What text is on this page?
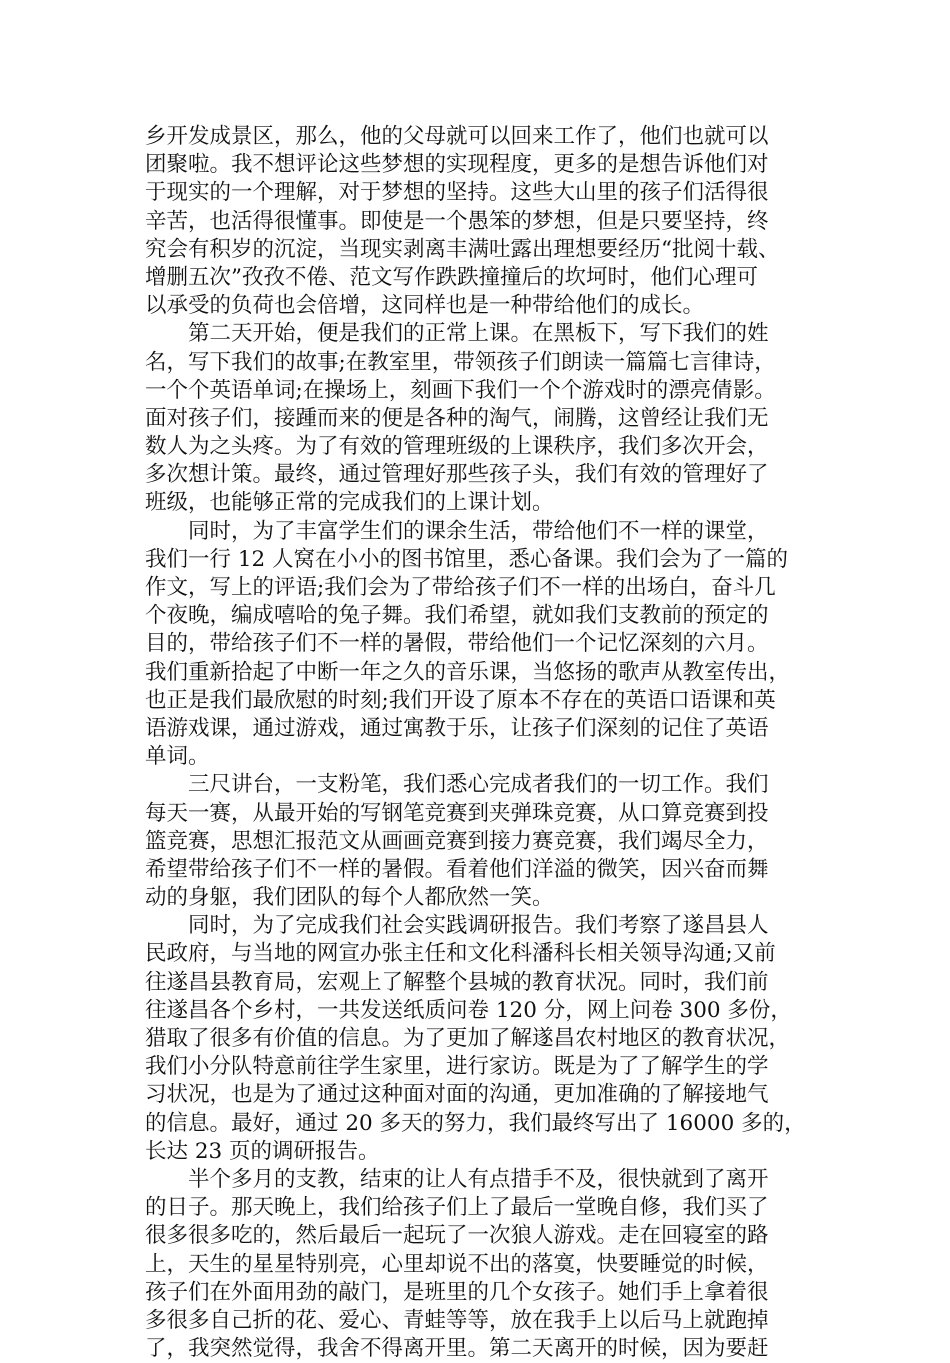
乡开发成景区，那么，他的父母就可以回来工作了，他们也就可以
团聚啦。我不想评论这些梦想的实现程度，更多的是想告诉他们对
于现实的一个理解，对于梦想的坚持。这些大山里的孩子们活得很
辛苦，也活得很懂事。即使是一个愚笨的梦想，但是只要坚持，终
究会有积岁的沉淀，当现实剥离丰满吐露出理想要经历“批阅十载、
增删五次”孜孜不倦、范文写作跌跌撞撞后的坎坷时，他们心理可
以承受的负荷也会倍增，这同样也是一种带给他们的成长。
　　第二天开始，便是我们的正常上课。在黑板下，写下我们的姓
名，写下我们的故事;在教室里，带领孩子们朗读一篇篇七言律诗，
一个个英语单词;在操场上，刻画下我们一个个游戏时的漂亮倩影。
面对孩子们，接踵而来的便是各种的淘气，闹腾，这曾经让我们无
数人为之头疼。为了有效的管理班级的上课秩序，我们多次开会，
多次想计策。最终，通过管理好那些孩子头，我们有效的管理好了
班级，也能够正常的完成我们的上课计划。
　　同时，为了丰富学生们的课余生活，带给他们不一样的课堂，
我们一行 12 人窝在小小的图书馆里，悉心备课。我们会为了一篇的
作文，写上的评语;我们会为了带给孩子们不一样的出场白，奋斗几
个夜晚，编成嘻哈的兔子舞。我们希望，就如我们支教前的预定的
目的，带给孩子们不一样的暑假，带给他们一个记忆深刻的六月。
我们重新拾起了中断一年之久的音乐课，当悠扬的歌声从教室传出，
也正是我们最欣慰的时刻;我们开设了原本不存在的英语口语课和英
语游戏课，通过游戏，通过寓教于乐，让孩子们深刻的记住了英语
单词。
　　三尺讲台，一支粉笔，我们悉心完成者我们的一切工作。我们
每天一赛，从最开始的写钢笔竞赛到夹弹珠竞赛，从口算竞赛到投
篮竞赛，思想汇报范文从画画竞赛到接力赛竞赛，我们竭尽全力，
希望带给孩子们不一样的暑假。看着他们洋溢的微笑，因兴奋而舞
动的身躯，我们团队的每个人都欣然一笑。
　　同时，为了完成我们社会实践调研报告。我们考察了遂昌县人
民政府，与当地的网宣办张主任和文化科潘科长相关领导沟通;又前
往遂昌县教育局，宏观上了解整个县城的教育状况。同时，我们前
往遂昌各个乡村，一共发送纸质问卷 120 分，网上问卷 300 多份，
猎取了很多有价值的信息。为了更加了解遂昌农村地区的教育状况，
我们小分队特意前往学生家里，进行家访。既是为了了解学生的学
习状况，也是为了通过这种面对面的沟通，更加准确的了解接地气
的信息。最好，通过 20 多天的努力，我们最终写出了 16000 多的，
长达 23 页的调研报告。
　　半个多月的支教，结束的让人有点措手不及，很快就到了离开
的日子。那天晚上，我们给孩子们上了最后一堂晚自修，我们买了
很多很多吃的，然后最后一起玩了一次狼人游戏。走在回寝室的路
上，天生的星星特别亮，心里却说不出的落寞，快要睡觉的时候，
孩子们在外面用劲的敲门，是班里的几个女孩子。她们手上拿着很
多很多自己折的花、爱心、青蛙等等，放在我手上以后马上就跑掉
了，我突然觉得，我舍不得离开里。第二天离开的时候，因为要赶
